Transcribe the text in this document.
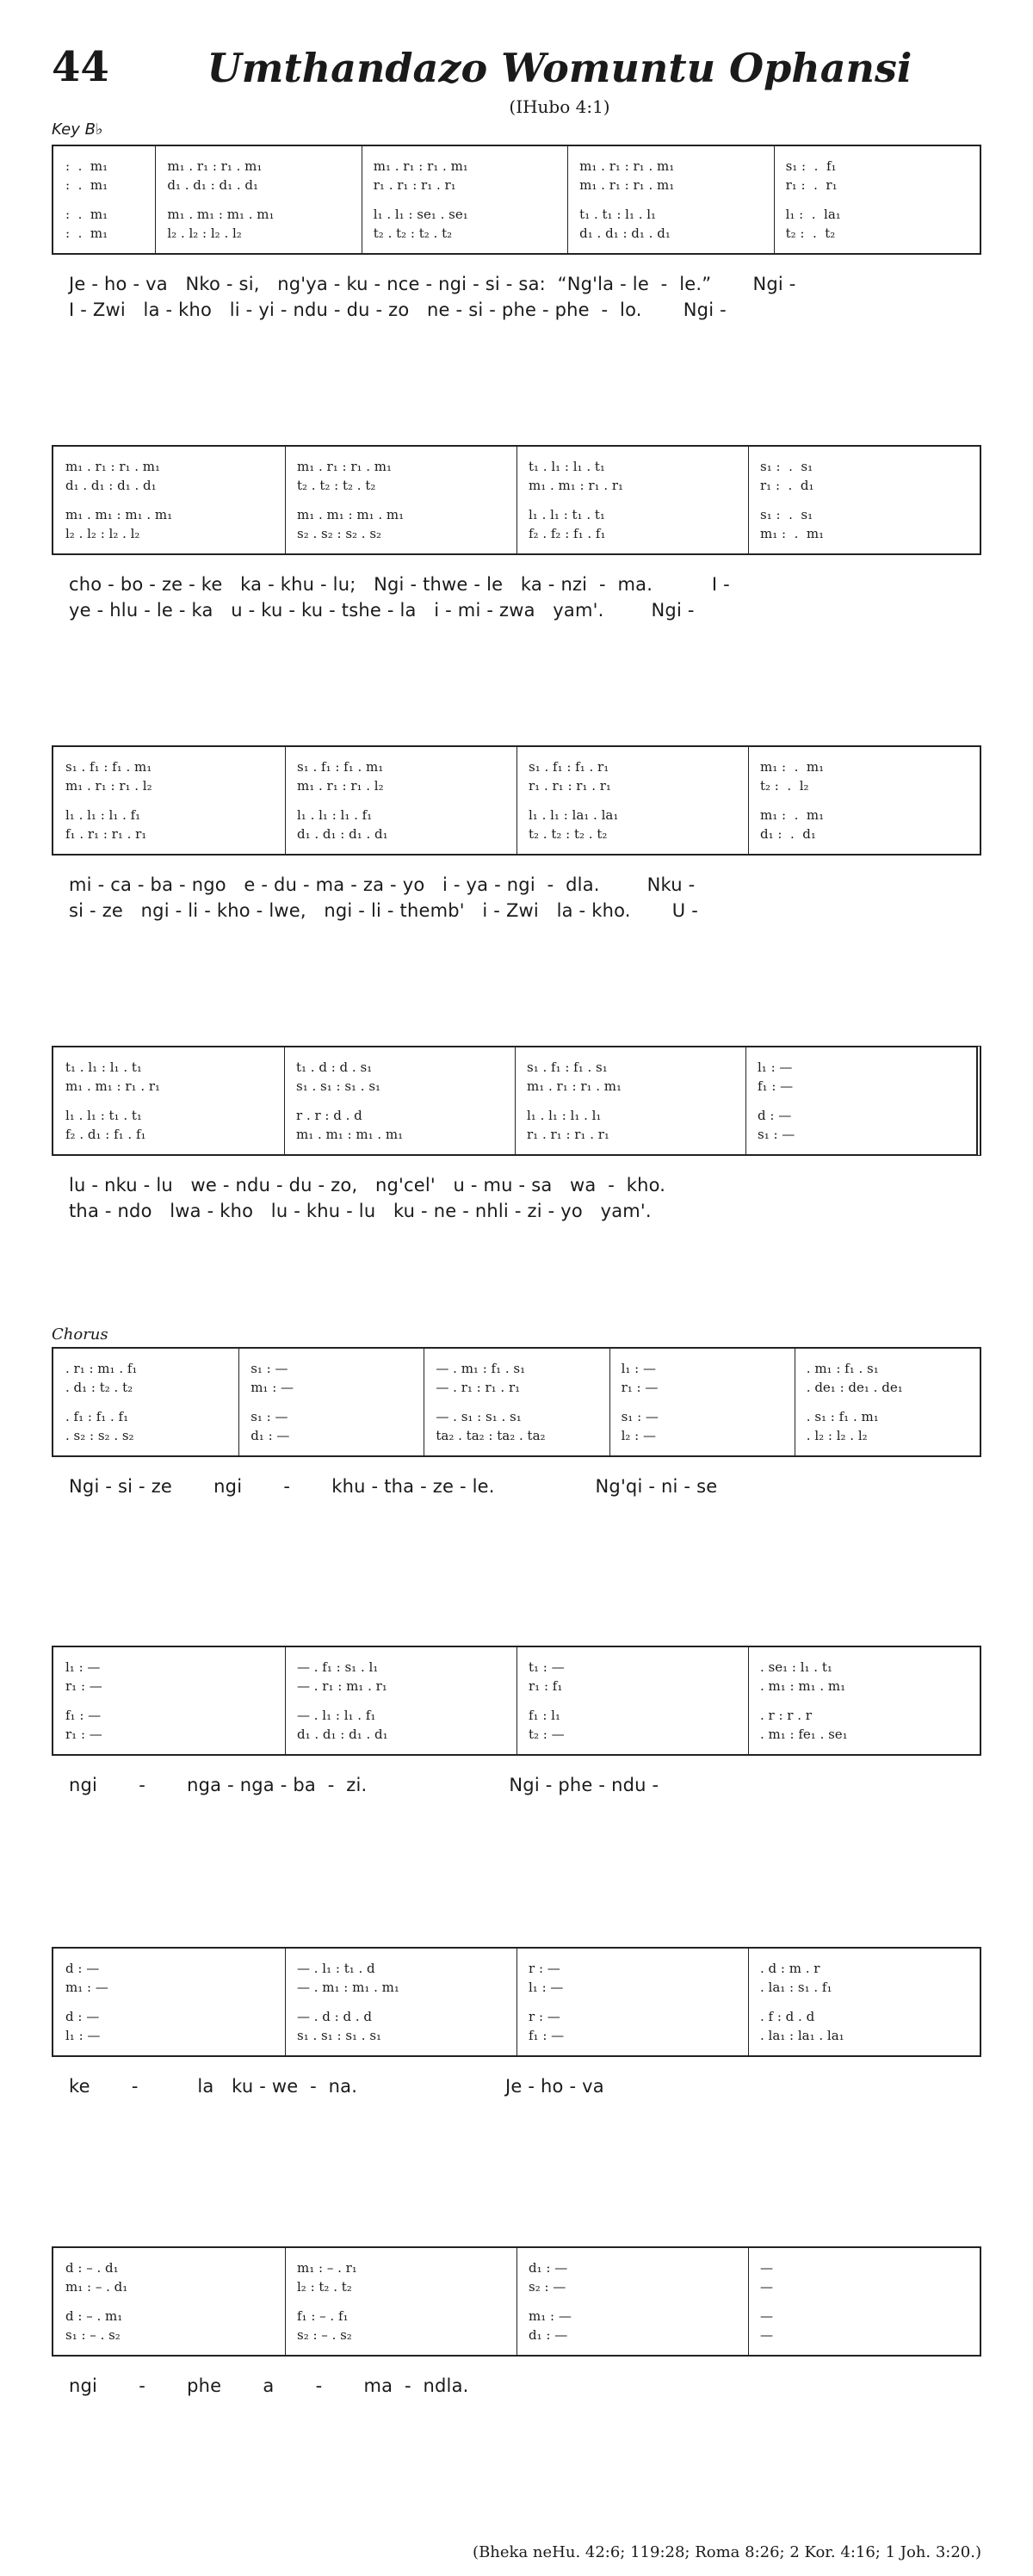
44	Umthandazo Womuntu Ophansi
(IHubo 4:1)
Key B♭
Chorus
:  .  m₁	m₁ . r₁ : r₁ . m₁	m₁ . r₁ : r₁ . m₁	m₁ . r₁ : r₁ . m₁	s₁ :  .  f₁
:  .  m₁	d₁ . d₁ : d₁ . d₁	r₁ . r₁ : r₁ . r₁	m₁ . r₁ : r₁ . m₁	r₁ :  .  r₁
:  .  m₁	m₁ . m₁ : m₁ . m₁	l₁ . l₁ : se₁ . se₁	t₁ . t₁ : l₁ . l₁	l₁ :  .  la₁
:  .  m₁	l₂ . l₂ : l₂ . l₂	t₂ . t₂ : t₂ . t₂	d₁ . d₁ : d₁ . d₁	t₂ :  .  t₂
Je - ho - va   Nko - si,   ng'ya - ku - nce - ngi - si - sa:  “Ng'la - le  -  le.”       Ngi -
I - Zwi   la - kho   li - yi - ndu - du - zo   ne - si - phe - phe  -  lo.       Ngi -
m₁ . r₁ : r₁ . m₁	m₁ . r₁ : r₁ . m₁	t₁ . l₁ : l₁ . t₁	s₁ :  .  s₁
d₁ . d₁ : d₁ . d₁	t₂ . t₂ : t₂ . t₂	m₁ . m₁ : r₁ . r₁	r₁ :  .  d₁
m₁ . m₁ : m₁ . m₁	m₁ . m₁ : m₁ . m₁	l₁ . l₁ : t₁ . t₁	s₁ :  .  s₁
l₂ . l₂ : l₂ . l₂	s₂ . s₂ : s₂ . s₂	f₂ . f₂ : f₁ . f₁	m₁ :  .  m₁
cho - bo - ze - ke   ka - khu - lu;   Ngi - thwe - le   ka - nzi  -  ma.          I -
ye - hlu - le - ka   u - ku - ku - tshe - la   i - mi - zwa   yam'.        Ngi -
s₁ . f₁ : f₁ . m₁	s₁ . f₁ : f₁ . m₁	s₁ . f₁ : f₁ . r₁	m₁ :  .  m₁
m₁ . r₁ : r₁ . l₂	m₁ . r₁ : r₁ . l₂	r₁ . r₁ : r₁ . r₁	t₂ :  .  l₂
l₁ . l₁ : l₁ . f₁	l₁ . l₁ : l₁ . f₁	l₁ . l₁ : la₁ . la₁	m₁ :  .  m₁
f₁ . r₁ : r₁ . r₁	d₁ . d₁ : d₁ . d₁	t₂ . t₂ : t₂ . t₂	d₁ :  .  d₁
mi - ca - ba - ngo   e - du - ma - za - yo   i - ya - ngi  -  dla.        Nku -
si - ze   ngi - li - kho - lwe,   ngi - li - themb'   i - Zwi   la - kho.       U -
t₁ . l₁ : l₁ . t₁	t₁ . d : d . s₁	s₁ . f₁ : f₁ . s₁	l₁ : —
m₁ . m₁ : r₁ . r₁	s₁ . s₁ : s₁ . s₁	m₁ . r₁ : r₁ . m₁	f₁ : —
l₁ . l₁ : t₁ . t₁	r . r : d . d	l₁ . l₁ : l₁ . l₁	d : —
f₂ . d₁ : f₁ . f₁	m₁ . m₁ : m₁ . m₁	r₁ . r₁ : r₁ . r₁	s₁ : —
lu - nku - lu   we - ndu - du - zo,   ng'cel'   u - mu - sa   wa  -  kho.
tha - ndo   lwa - kho   lu - khu - lu   ku - ne - nhli - zi - yo   yam'.
. r₁ : m₁ . f₁	s₁ : —	— . m₁ : f₁ . s₁	l₁ : —	. m₁ : f₁ . s₁
. d₁ : t₂ . t₂	m₁ : —	— . r₁ : r₁ . r₁	r₁ : —	. de₁ : de₁ . de₁
. f₁ : f₁ . f₁	s₁ : —	— . s₁ : s₁ . s₁	s₁ : —	. s₁ : f₁ . m₁
. s₂ : s₂ . s₂	d₁ : —	ta₂ . ta₂ : ta₂ . ta₂	l₂ : —	. l₂ : l₂ . l₂
Ngi - si - ze       ngi       -       khu - tha - ze - le.                 Ng'qi - ni - se
l₁ : —	— . f₁ : s₁ . l₁	t₁ : —	. se₁ : l₁ . t₁
r₁ : —	— . r₁ : m₁ . r₁	r₁ : f₁	. m₁ : m₁ . m₁
f₁ : —	— . l₁ : l₁ . f₁	f₁ : l₁	. r : r . r
r₁ : —	d₁ . d₁ : d₁ . d₁	t₂ : —	. m₁ : fe₁ . se₁
ngi       -       nga - nga - ba  -  zi.                        Ngi - phe - ndu -
d : —	— . l₁ : t₁ . d	r : —	. d : m . r
m₁ : —	— . m₁ : m₁ . m₁	l₁ : —	. la₁ : s₁ . f₁
d : —	— . d : d . d	r : —	. f : d . d
l₁ : —	s₁ . s₁ : s₁ . s₁	f₁ : —	. la₁ : la₁ . la₁
ke       -          la   ku - we  -  na.                         Je - ho - va
d : – . d₁	m₁ : – . r₁	d₁ : —	—
m₁ : – . d₁	l₂ : t₂ . t₂	s₂ : —	—
d : – . m₁	f₁ : – . f₁	m₁ : —	—
s₁ : – . s₂	s₂ : – . s₂	d₁ : —	—
ngi       -       phe       a       -       ma  -  ndla.
(Bheka neHu. 42:6; 119:28; Roma 8:26; 2 Kor. 4:16; 1 Joh. 3:20.)
